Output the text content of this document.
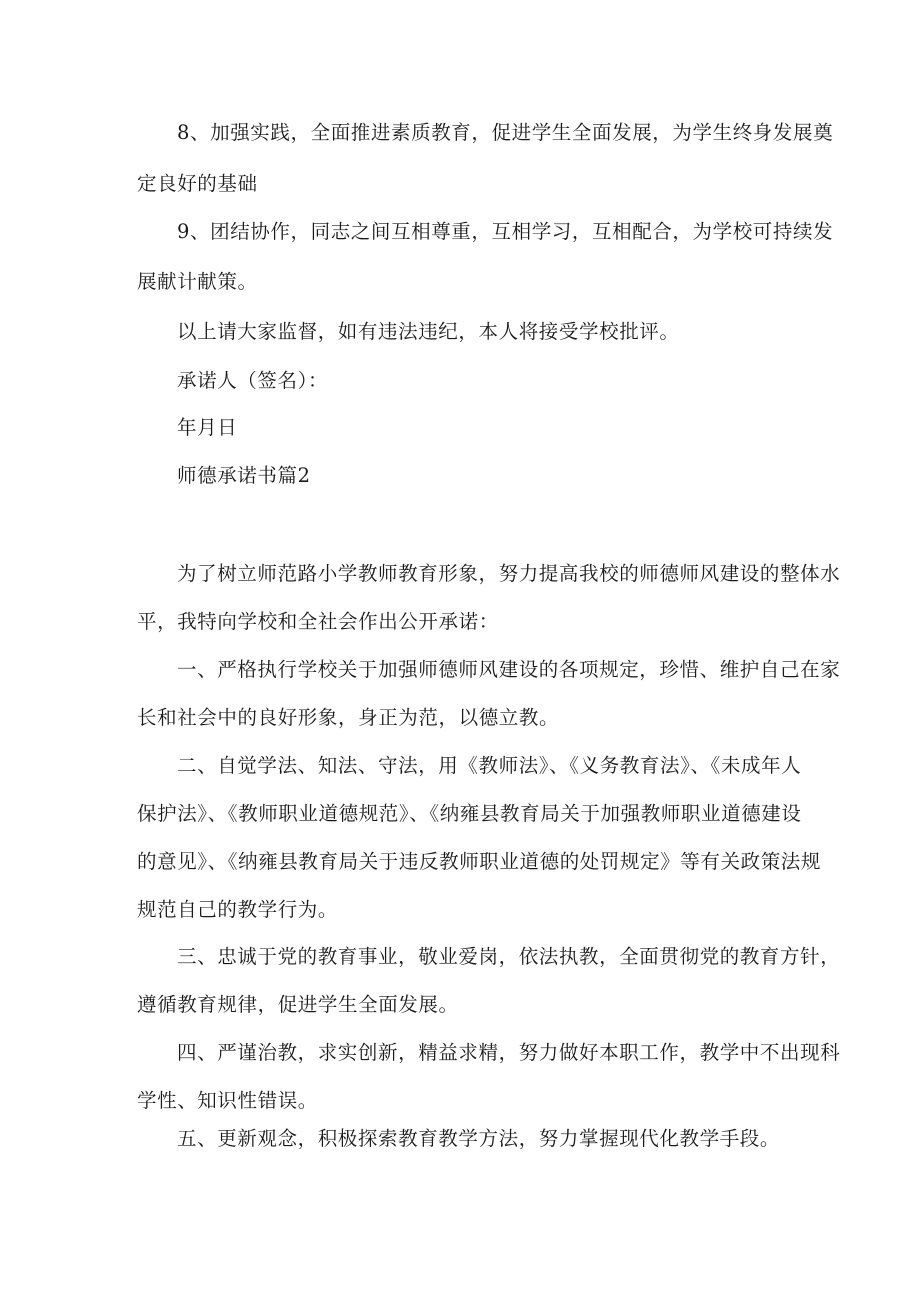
8、加强实践，全面推进素质教育，促进学生全面发展，为学生终身发展奠
定良好的基础
9、团结协作，同志之间互相尊重，互相学习，互相配合，为学校可持续发
展献计献策。
以上请大家监督，如有违法违纪，本人将接受学校批评。
承诺人（签名）：
年月日
师德承诺书篇2
为了树立师范路小学教师教育形象，努力提高我校的师德师风建设的整体水
平，我特向学校和全社会作出公开承诺：
一、严格执行学校关于加强师德师风建设的各项规定，珍惜、维护自己在家
长和社会中的良好形象，身正为范，以德立教。
二、自觉学法、知法、守法，用《教师法》、《义务教育法》、《未成年人
保护法》、《教师职业道德规范》、《纳雍县教育局关于加强教师职业道德建设
的意见》、《纳雍县教育局关于违反教师职业道德的处罚规定》等有关政策法规
规范自己的教学行为。
三、忠诚于党的教育事业，敬业爱岗，依法执教，全面贯彻党的教育方针，
遵循教育规律，促进学生全面发展。
四、严谨治教，求实创新，精益求精，努力做好本职工作，教学中不出现科
学性、知识性错误。
五、更新观念，积极探索教育教学方法，努力掌握现代化教学手段。
